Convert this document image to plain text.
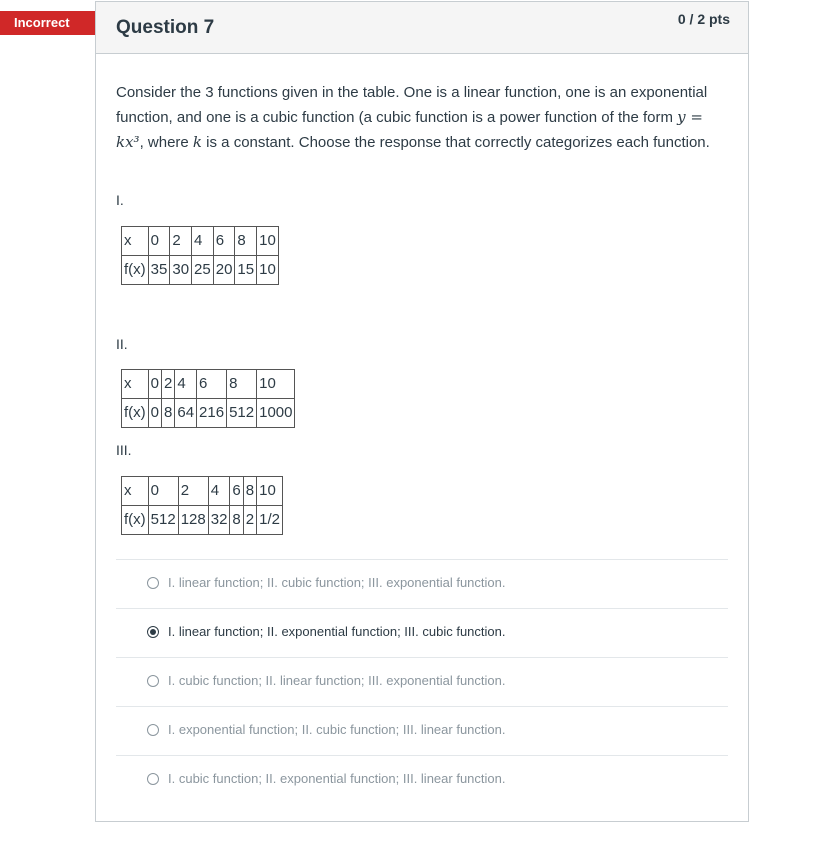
Incorrect	Question 7	0 / 2 pts
Consider the 3 functions given in the table. One is a linear function, one is an exponential function, and one is a cubic function (a cubic function is a power function of the form y = kx³, where k is a constant. Choose the response that correctly categorizes each function.
I.
x	0	2	4	6	8	10
f(x)	35	30	25	20	15	10
II.
x	0	2	4	6	8	10
f(x)	0	8	64	216	512	1000
III.
x	0	2	4	6	8	10
f(x)	512	128	32	8	2	1/2
I. linear function; II. cubic function; III. exponential function.
I. linear function; II. exponential function; III. cubic function.
I. cubic function; II. linear function; III. exponential function.
I. exponential function; II. cubic function; III. linear function.
I. cubic function; II. exponential function; III. linear function.
